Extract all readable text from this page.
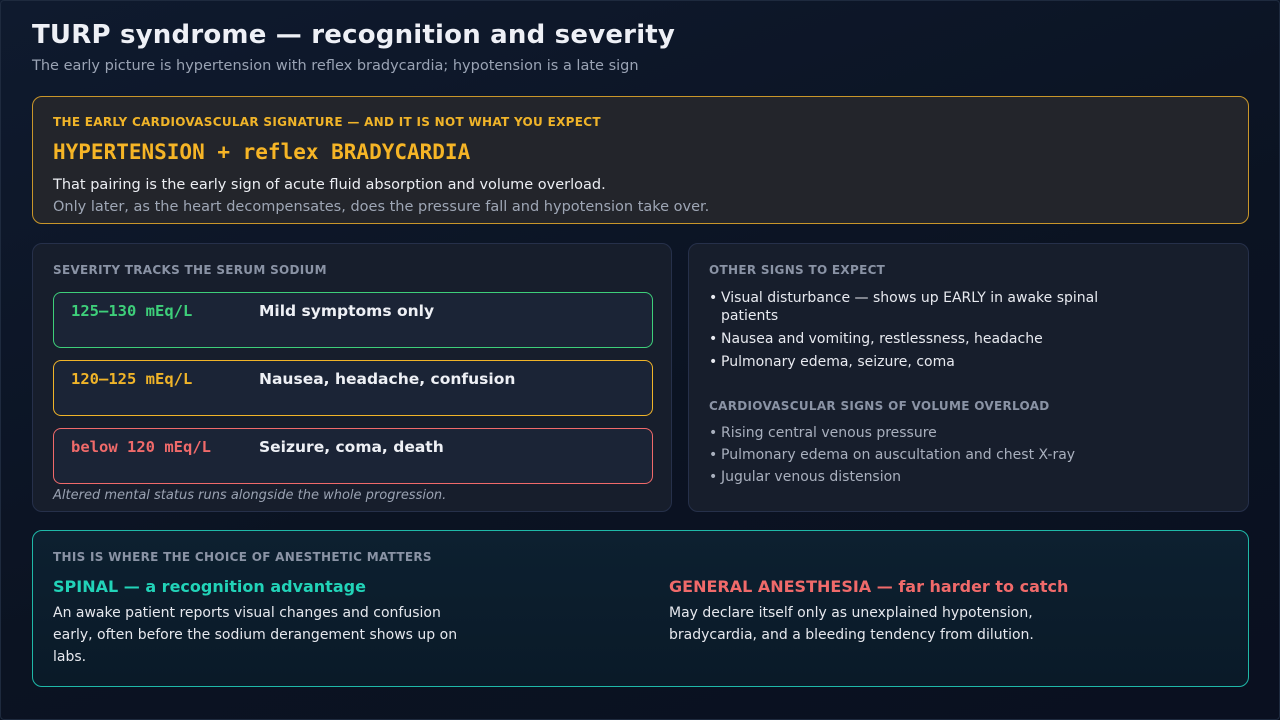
TURP syndrome — recognition and severity
The early picture is hypertension with reflex bradycardia; hypotension is a late sign
THE EARLY CARDIOVASCULAR SIGNATURE — AND IT IS NOT WHAT YOU EXPECT
HYPERTENSION + reflex BRADYCARDIA
That pairing is the early sign of acute fluid absorption and volume overload.
Only later, as the heart decompensates, does the pressure fall and hypotension take over.
SEVERITY TRACKS THE SERUM SODIUM
125–130 mEq/L	Mild symptoms only
120–125 mEq/L	Nausea, headache, confusion
below 120 mEq/L	Seizure, coma, death
Altered mental status runs alongside the whole progression.
OTHER SIGNS TO EXPECT
• Visual disturbance — shows up EARLY in awake spinal patients
• Nausea and vomiting, restlessness, headache
• Pulmonary edema, seizure, coma
CARDIOVASCULAR SIGNS OF VOLUME OVERLOAD
• Rising central venous pressure
• Pulmonary edema on auscultation and chest X-ray
• Jugular venous distension
THIS IS WHERE THE CHOICE OF ANESTHETIC MATTERS
SPINAL — a recognition advantage
An awake patient reports visual changes and confusion early, often before the sodium derangement shows up on labs.
GENERAL ANESTHESIA — far harder to catch
May declare itself only as unexplained hypotension, bradycardia, and a bleeding tendency from dilution.
